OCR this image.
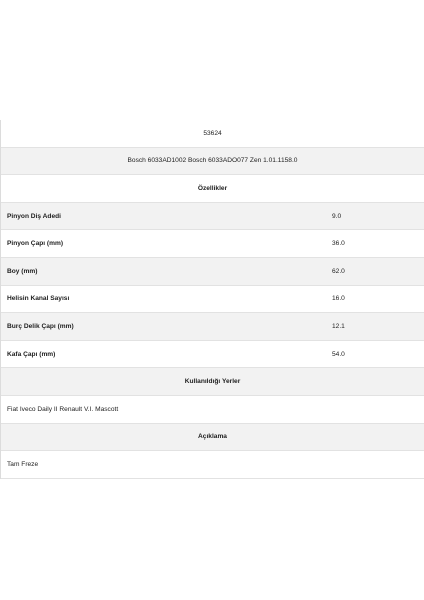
53624
Bosch 6033AD1002 Bosch 6033ADO077 Zen 1.01.1158.0
Özellikler
Pinyon Diş Adedi	9.0
Pinyon Çapı (mm)	36.0
Boy (mm)	62.0
Helisin Kanal Sayısı	16.0
Burç Delik Çapı (mm)	12.1
Kafa Çapı (mm)	54.0
Kullanıldığı Yerler
Fiat Iveco Daily II Renault V.I. Mascott
Açıklama
Tam Freze
